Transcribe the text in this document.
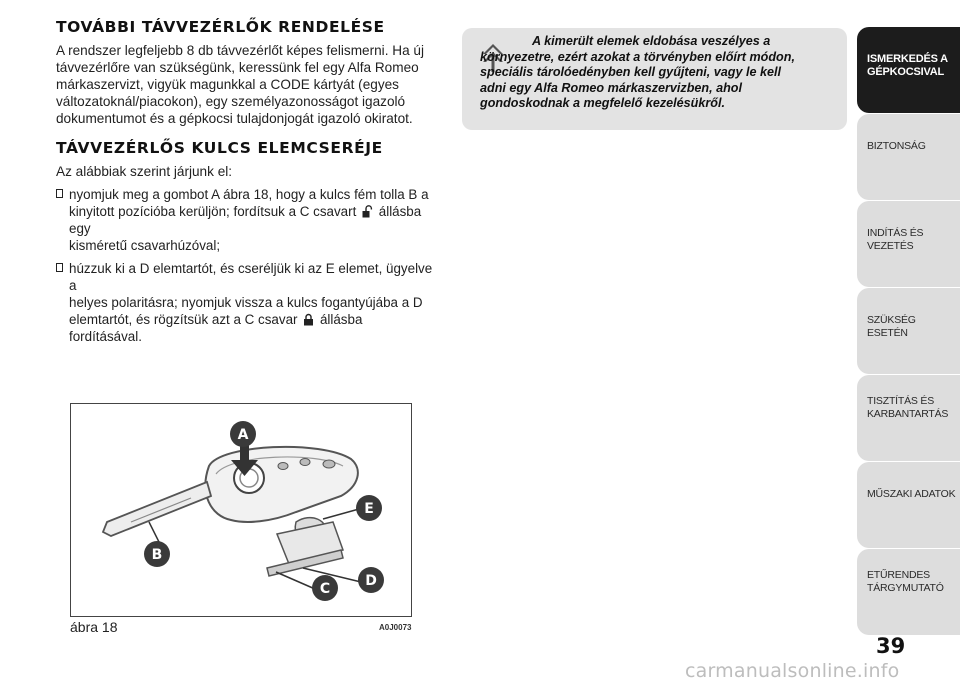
TOVÁBBI TÁVVEZÉRLŐK RENDELÉSE

A rendszer legfeljebb 8 db távvezérlőt képes felismerni. Ha új

távvezérlőre van szükségünk, keressünk fel egy Alfa Romeo

márkaszervizt, vigyük magunkkal a CODE kártyát (egyes

változatoknál/piacokon), egy személyazonosságot igazoló

dokumentumot és a gépkocsi tulajdonjogát igazoló okiratot.

TÁVVEZÉRLŐS KULCS ELEMCSERÉJE

Az alábbiak szerint járjunk el:

nyomjuk meg a gombot A ábra 18, hogy a kulcs fém tolla B a
kinyitott pozícióba kerüljön; fordítsuk a C csavart állásba egy
kisméretű csavarhúzóval;
húzzuk ki a D elemtartót, és cseréljük ki az E elemet, ügyelve a
helyes polaritásra; nyomjuk vissza a kulcs fogantyújába a D
elemtartót, és rögzítsük azt a C csavar állásba fordításával.
A kimerült elemek eldobása veszélyes a környezetre, ezért azokat a törvényben előírt módon, speciális tárolóedényben kell gyűjteni, vagy le kell adni egy Alfa Romeo márkaszervizben, ahol gondoskodnak a megfelelő kezelésükről.
A
B
C	D
E
ábra 18	A0J0073
ISMERKEDÉS A
GÉPKOCSIVAL
BIZTONSÁG
INDÍTÁS ÉS VEZETÉS
SZÜKSÉG ESETÉN
TISZTÍTÁS ÉS
KARBANTARTÁS
MŰSZAKI ADATOK
ETŰRENDES
TÁRGYMUTATÓ
39
carmanualsonline.info
